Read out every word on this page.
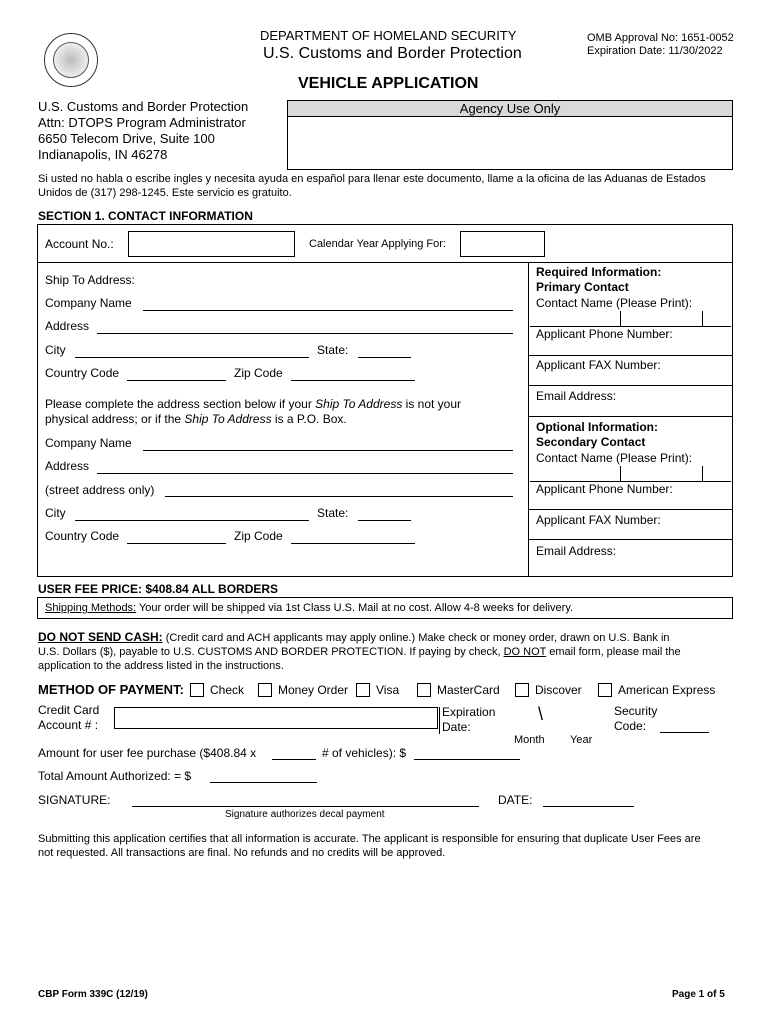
DEPARTMENT OF HOMELAND SECURITY
U.S. Customs and Border Protection
OMB Approval No: 1651-0052
Expiration Date: 11/30/2022
VEHICLE APPLICATION
U.S. Customs and Border Protection
Attn: DTOPS Program Administrator
6650 Telecom Drive, Suite 100
Indianapolis, IN 46278
Agency Use Only
Si usted no habla o escribe ingles y necesita ayuda en español para llenar este documento, llame a la oficina de las Aduanas de Estados
Unidos de (317) 298-1245. Este servicio es gratuito.
SECTION 1. CONTACT INFORMATION
Account No.:	Calendar Year Applying For:
Ship To Address:
Company Name
Address
City	State:
Country Code	Zip Code
Please complete the address section below if your Ship To Address is not your
physical address; or if the Ship To Address is a P.O. Box.
Company Name
Address
(street address only)
City	State:
Country Code	Zip Code
Required Information:
Primary Contact
Contact Name (Please Print):
Applicant Phone Number:
Applicant FAX Number:
Email Address:
Optional Information:
Secondary Contact
Contact Name (Please Print):
Applicant Phone Number:
Applicant FAX Number:
Email Address:
USER FEE PRICE: $408.84 ALL BORDERS
Shipping Methods: Your order will be shipped via 1st Class U.S. Mail at no cost. Allow 4-8 weeks for delivery.
DO NOT SEND CASH: (Credit card and ACH applicants may apply online.) Make check or money order, drawn on U.S. Bank in
U.S. Dollars ($), payable to U.S. CUSTOMS AND BORDER PROTECTION. If paying by check, DO NOT email form, please mail the
application to the address listed in the instructions.
METHOD OF PAYMENT: Check	Money Order Visa	MasterCard	Discover	American Express
Credit Card
Account # :
Expiration
Date:
\
Month Year
Security
Code:
Amount for user fee purchase ($408.84 x	# of vehicles): $
Total Amount Authorized: = $
SIGNATURE:	DATE:
Signature authorizes decal payment
Submitting this application certifies that all information is accurate. The applicant is responsible for ensuring that duplicate User Fees are
not requested. All transactions are final. No refunds and no credits will be approved.
CBP Form 339C (12/19)	Page 1 of 5
